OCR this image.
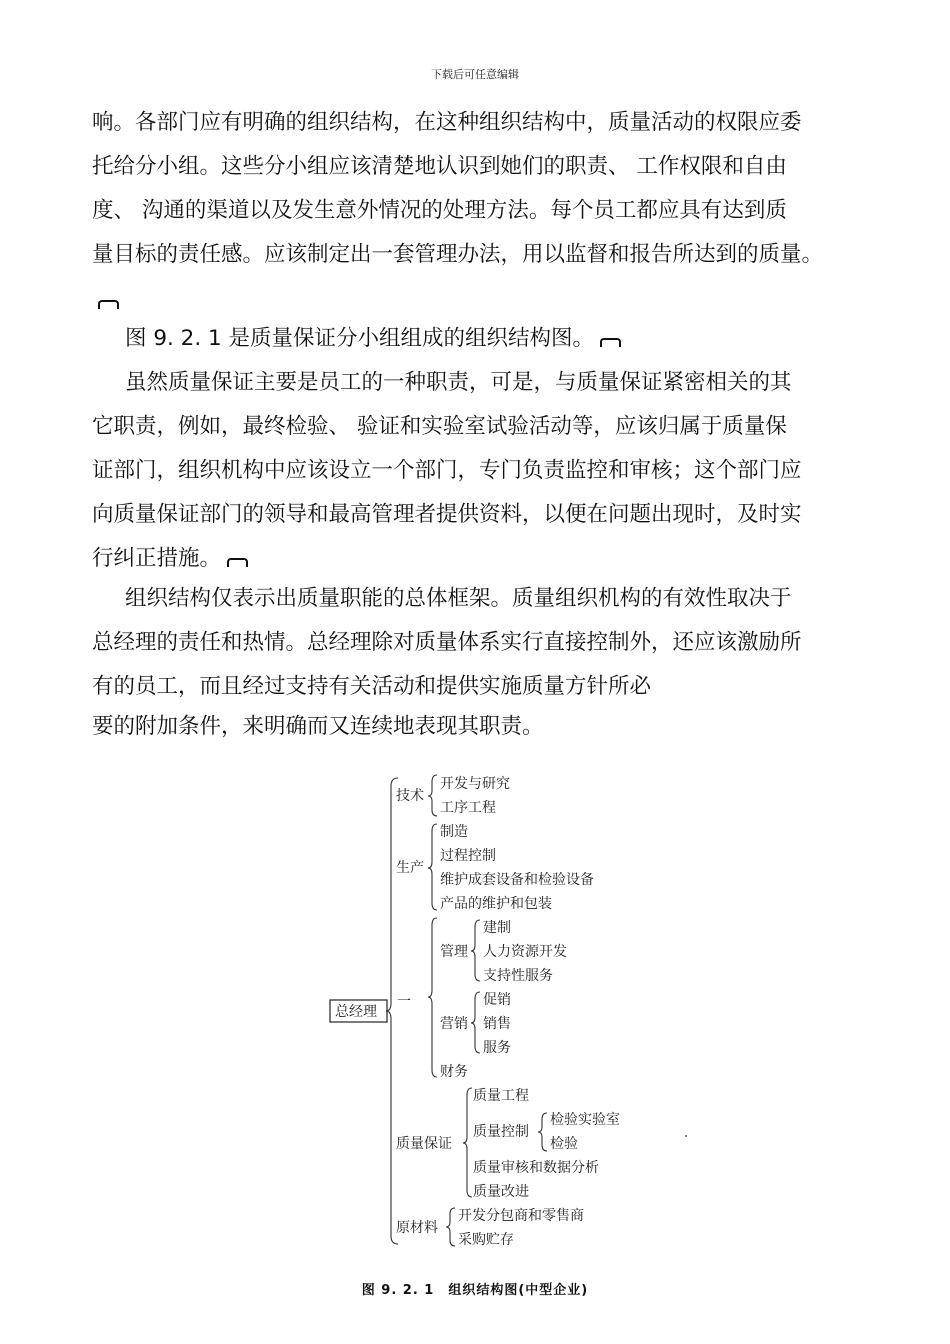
下载后可任意编辑
响。各部门应有明确的组织结构，在这种组织结构中，质量活动的权限应委
托给分小组。这些分小组应该清楚地认识到她们的职责、 工作权限和自由
度、 沟通的渠道以及发生意外情况的处理方法。每个员工都应具有达到质
量目标的责任感。应该制定出一套管理办法，用以监督和报告所达到的质量。
图 9. 2. 1 是质量保证分小组组成的组织结构图。
虽然质量保证主要是员工的一种职责，可是，与质量保证紧密相关的其
它职责，例如，最终检验、 验证和实验室试验活动等，应该归属于质量保
证部门，组织机构中应该设立一个部门，专门负责监控和审核；这个部门应
向质量保证部门的领导和最高管理者提供资料，以便在问题出现时，及时实
行纠正措施。
组织结构仅表示出质量职能的总体框架。质量组织机构的有效性取决于
总经理的责任和热情。总经理除对质量体系实行直接控制外，还应该激励所
有的员工，而且经过支持有关活动和提供实施质量方针所必
要的附加条件，来明确而又连续地表现其职责。
总经理
技术
开发与研究
工序工程
生产
制造
过程控制
维护成套设备和检验设备
产品的维护和包装
一
管理
建制
人力资源开发
支持性服务
营销
促销
销售
服务
财务
质量保证
质量工程
质量控制
检验实验室
检验
质量审核和数据分析
质量改进
原材料
开发分包商和零售商
采购贮存
图 9. 2. 1　组织结构图(中型企业)
